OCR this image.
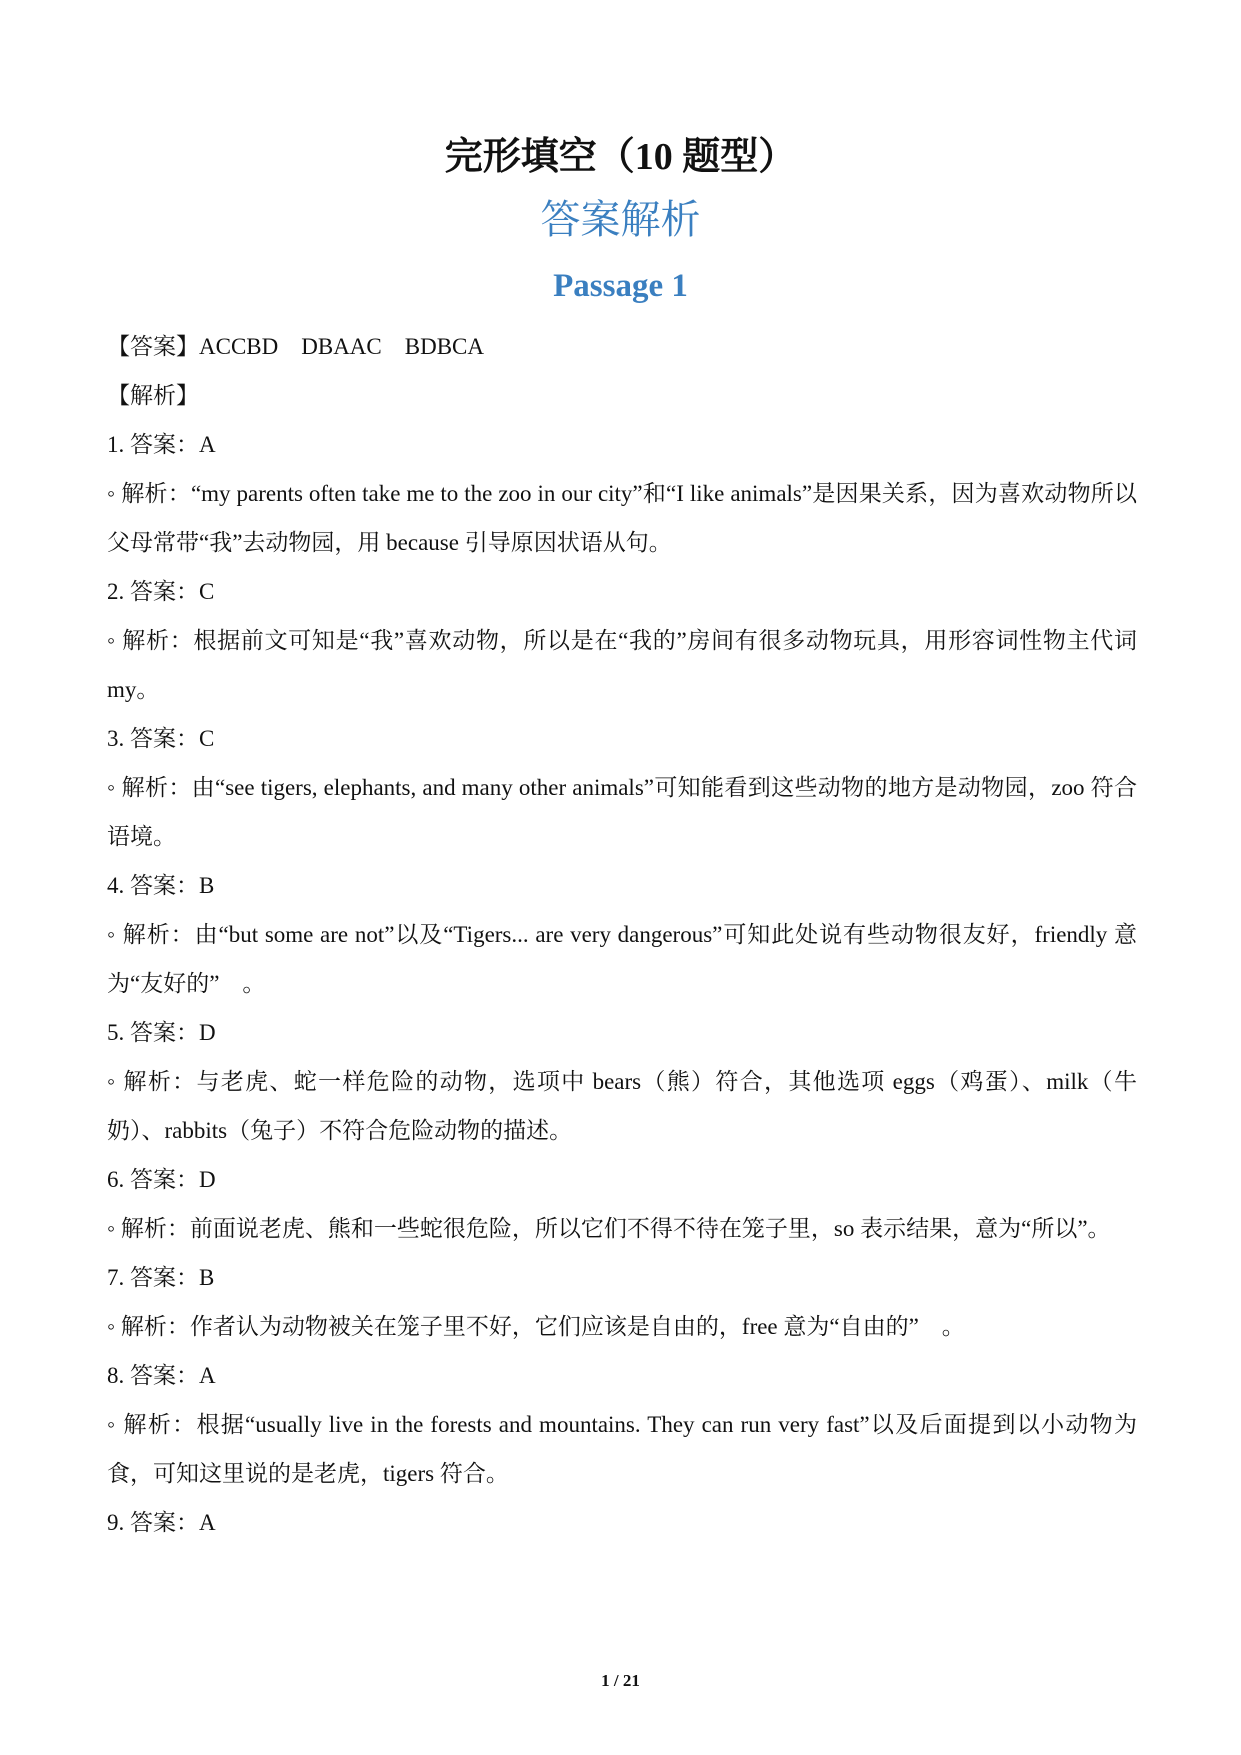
完形填空（10 题型）
答案解析
Passage 1

【答案】ACCBD　DBAAC　BDBCA

【解析】

1. 答案：A

◦ 解析：“my parents often take me to the zoo in our city”和“I like animals”是因果关系，因为喜欢动物所以父母常带“我”去动物园，用 because 引导原因状语从句。

2. 答案：C

◦ 解析：根据前文可知是“我”喜欢动物，所以是在“我的”房间有很多动物玩具，用形容词性物主代词 my。

3. 答案：C

◦ 解析：由“see tigers, elephants, and many other animals”可知能看到这些动物的地方是动物园，zoo 符合语境。

4. 答案：B

◦ 解析：由“but some are not”以及“Tigers... are very dangerous”可知此处说有些动物很友好，friendly 意为“友好的”　。

5. 答案：D

◦ 解析：与老虎、蛇一样危险的动物，选项中 bears（熊）符合，其他选项 eggs（鸡蛋）、milk（牛奶）、rabbits（兔子）不符合危险动物的描述。

6. 答案：D

◦ 解析：前面说老虎、熊和一些蛇很危险，所以它们不得不待在笼子里，so 表示结果，意为“所以”。

7. 答案：B

◦ 解析：作者认为动物被关在笼子里不好，它们应该是自由的，free 意为“自由的”　。

8. 答案：A

◦ 解析：根据“usually live in the forests and mountains. They can run very fast”以及后面提到以小动物为食，可知这里说的是老虎，tigers 符合。

9. 答案：A

1 / 21
